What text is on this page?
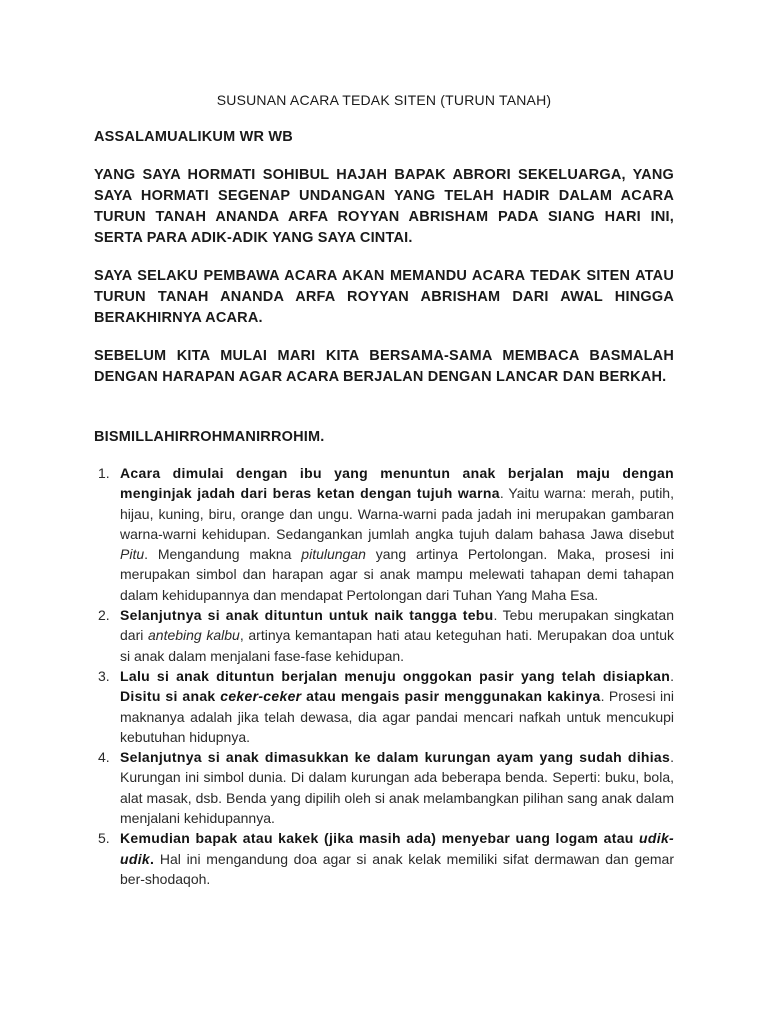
SUSUNAN ACARA TEDAK SITEN (TURUN TANAH)
ASSALAMUALIKUM WR WB
YANG SAYA HORMATI SOHIBUL HAJAH BAPAK ABRORI SEKELUARGA, YANG SAYA HORMATI SEGENAP UNDANGAN YANG TELAH HADIR DALAM ACARA TURUN TANAH ANANDA ARFA ROYYAN ABRISHAM PADA SIANG HARI INI, SERTA PARA ADIK-ADIK YANG SAYA CINTAI.
SAYA SELAKU PEMBAWA ACARA AKAN MEMANDU ACARA TEDAK SITEN ATAU TURUN TANAH ANANDA ARFA ROYYAN ABRISHAM DARI AWAL HINGGA BERAKHIRNYA ACARA.
SEBELUM KITA MULAI MARI KITA BERSAMA-SAMA MEMBACA BASMALAH DENGAN HARAPAN AGAR ACARA BERJALAN DENGAN LANCAR DAN BERKAH.
BISMILLAHIRROHMANIRROHIM.
1. Acara dimulai dengan ibu yang menuntun anak berjalan maju dengan menginjak jadah dari beras ketan dengan tujuh warna. Yaitu warna: merah, putih, hijau, kuning, biru, orange dan ungu. Warna-warni pada jadah ini merupakan gambaran warna-warni kehidupan. Sedangankan jumlah angka tujuh dalam bahasa Jawa disebut Pitu. Mengandung makna pitulungan yang artinya Pertolongan. Maka, prosesi ini merupakan simbol dan harapan agar si anak mampu melewati tahapan demi tahapan dalam kehidupannya dan mendapat Pertolongan dari Tuhan Yang Maha Esa.
2. Selanjutnya si anak dituntun untuk naik tangga tebu. Tebu merupakan singkatan dari antebing kalbu, artinya kemantapan hati atau keteguhan hati. Merupakan doa untuk si anak dalam menjalani fase-fase kehidupan.
3. Lalu si anak dituntun berjalan menuju onggokan pasir yang telah disiapkan. Disitu si anak ceker-ceker atau mengais pasir menggunakan kakinya. Prosesi ini maknanya adalah jika telah dewasa, dia agar pandai mencari nafkah untuk mencukupi kebutuhan hidupnya.
4. Selanjutnya si anak dimasukkan ke dalam kurungan ayam yang sudah dihias. Kurungan ini simbol dunia. Di dalam kurungan ada beberapa benda. Seperti: buku, bola, alat masak, dsb. Benda yang dipilih oleh si anak melambangkan pilihan sang anak dalam menjalani kehidupannya.
5. Kemudian bapak atau kakek (jika masih ada) menyebar uang logam atau udik-udik. Hal ini mengandung doa agar si anak kelak memiliki sifat dermawan dan gemar ber-shodaqoh.
